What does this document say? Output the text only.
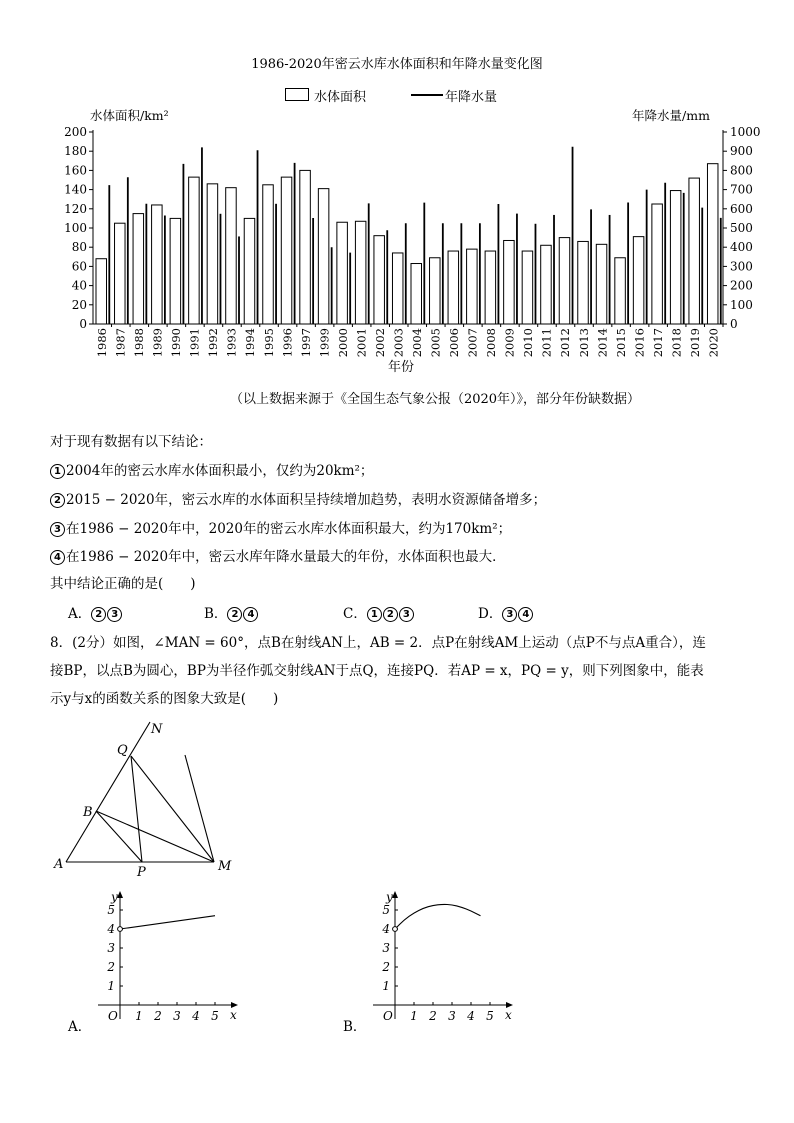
1986-2020年密云水库水体面积和年降水量变化图
水体面积	年降水量
水体面积/km²	年降水量/mm
0
20
40
60
80
100
120
140
160
180
200
0
100
200
300
400
500
600
700
800
900
1000
1986 1987 1988 1989 1990 1991 1992 1993 1994 1995 1996 1997 1999 2000 2001 2002 2003 2004 2005 2006 2007 2008 2009 2010 2011 2012 2013 2014 2015 2016 2017 2018 2019 2020
年份
（以上数据来源于《全国生态气象公报（2020年）》，部分年份缺数据）
对于现有数据有以下结论：
1 2004年的密云水库水体面积最小，仅约为20km²；
2 2015 − 2020年，密云水库的水体面积呈持续增加趋势，表明水资源储备增多；
3 在1986 − 2020年中，2020年的密云水库水体面积最大，约为170km²；
4 在1986 − 2020年中，密云水库年降水量最大的年份，水体面积也最大．
其中结论正确的是(　　)
A． 2 3	B． 2 4	C． 1 2 3	D． 3 4
8．(2分）如图，∠MAN = 60°，点B在射线AN上，AB = 2．点P在射线AM上运动（点P不与点A重合），连
接BP，以点B为圆心，BP为半径作弧交射线AN于点Q，连接PQ．若AP = x，PQ = y，则下列图象中，能表
示y与x的函数关系的图象大致是(　　)
N
Q
B
A
P	M
x
y
O 1 2 3 4 5
1
2
3
4
5
x
y
O 1 2 3 4 5
1
2
3
4
5
A．	B．
